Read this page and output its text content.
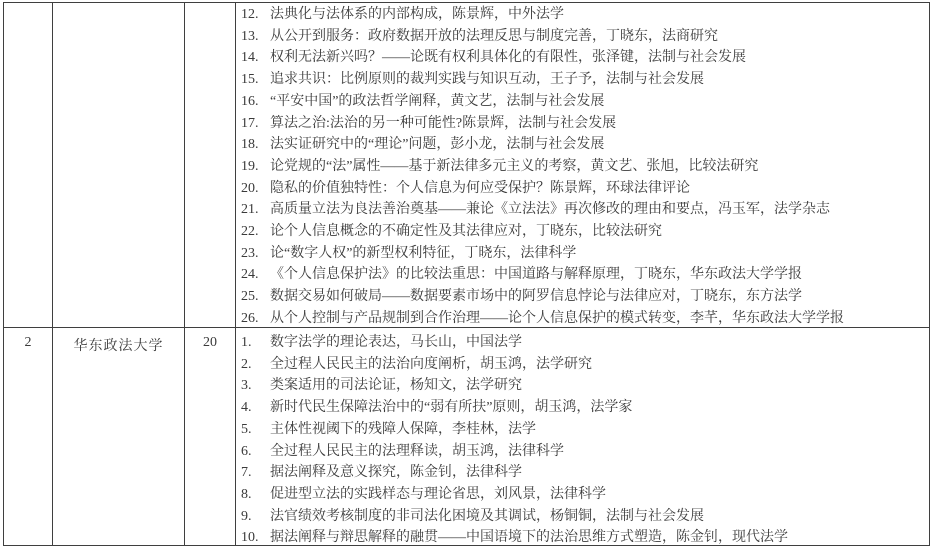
12. 法典化与法体系的内部构成，陈景辉，中外法学
13. 从公开到服务：政府数据开放的法理反思与制度完善，丁晓东，法商研究
14. 权利无法新兴吗？——论既有权利具体化的有限性，张泽键，法制与社会发展
15. 追求共识：比例原则的裁判实践与知识互动，王子予，法制与社会发展
16. “平安中国”的政法哲学阐释，黄文艺，法制与社会发展
17. 算法之治:法治的另一种可能性?陈景辉，法制与社会发展
18. 法实证研究中的“理论”问题，彭小龙，法制与社会发展
19. 论党规的“法”属性——基于新法律多元主义的考察，黄文艺、张旭，比较法研究
20. 隐私的价值独特性：个人信息为何应受保护？陈景辉，环球法律评论
21. 高质量立法为良法善治奠基——兼论《立法法》再次修改的理由和要点，冯玉军，法学杂志
22. 论个人信息概念的不确定性及其法律应对，丁晓东，比较法研究
23. 论“数字人权”的新型权利特征，丁晓东，法律科学
24. 《个人信息保护法》的比较法重思：中国道路与解释原理，丁晓东，华东政法大学学报
25. 数据交易如何破局——数据要素市场中的阿罗信息悖论与法律应对，丁晓东，东方法学
26. 从个人控制与产品规制到合作治理——论个人信息保护的模式转变，李芊，华东政法大学学报
2	华东政法大学	20	1.	数字法学的理论表达，马长山，中国法学
2.	全过程人民民主的法治向度阐析，胡玉鸿，法学研究
3.	类案适用的司法论证，杨知文，法学研究
4.	新时代民生保障法治中的“弱有所扶”原则，胡玉鸿，法学家
5.	主体性视阈下的残障人保障，李桂林，法学
6.	全过程人民民主的法理释读，胡玉鸿，法律科学
7.	据法阐释及意义探究，陈金钊，法律科学
8.	促进型立法的实践样态与理论省思，刘风景，法律科学
9.	法官绩效考核制度的非司法化困境及其调试，杨铜铜，法制与社会发展
10. 据法阐释与辩思解释的融贯——中国语境下的法治思维方式塑造，陈金钊，现代法学
